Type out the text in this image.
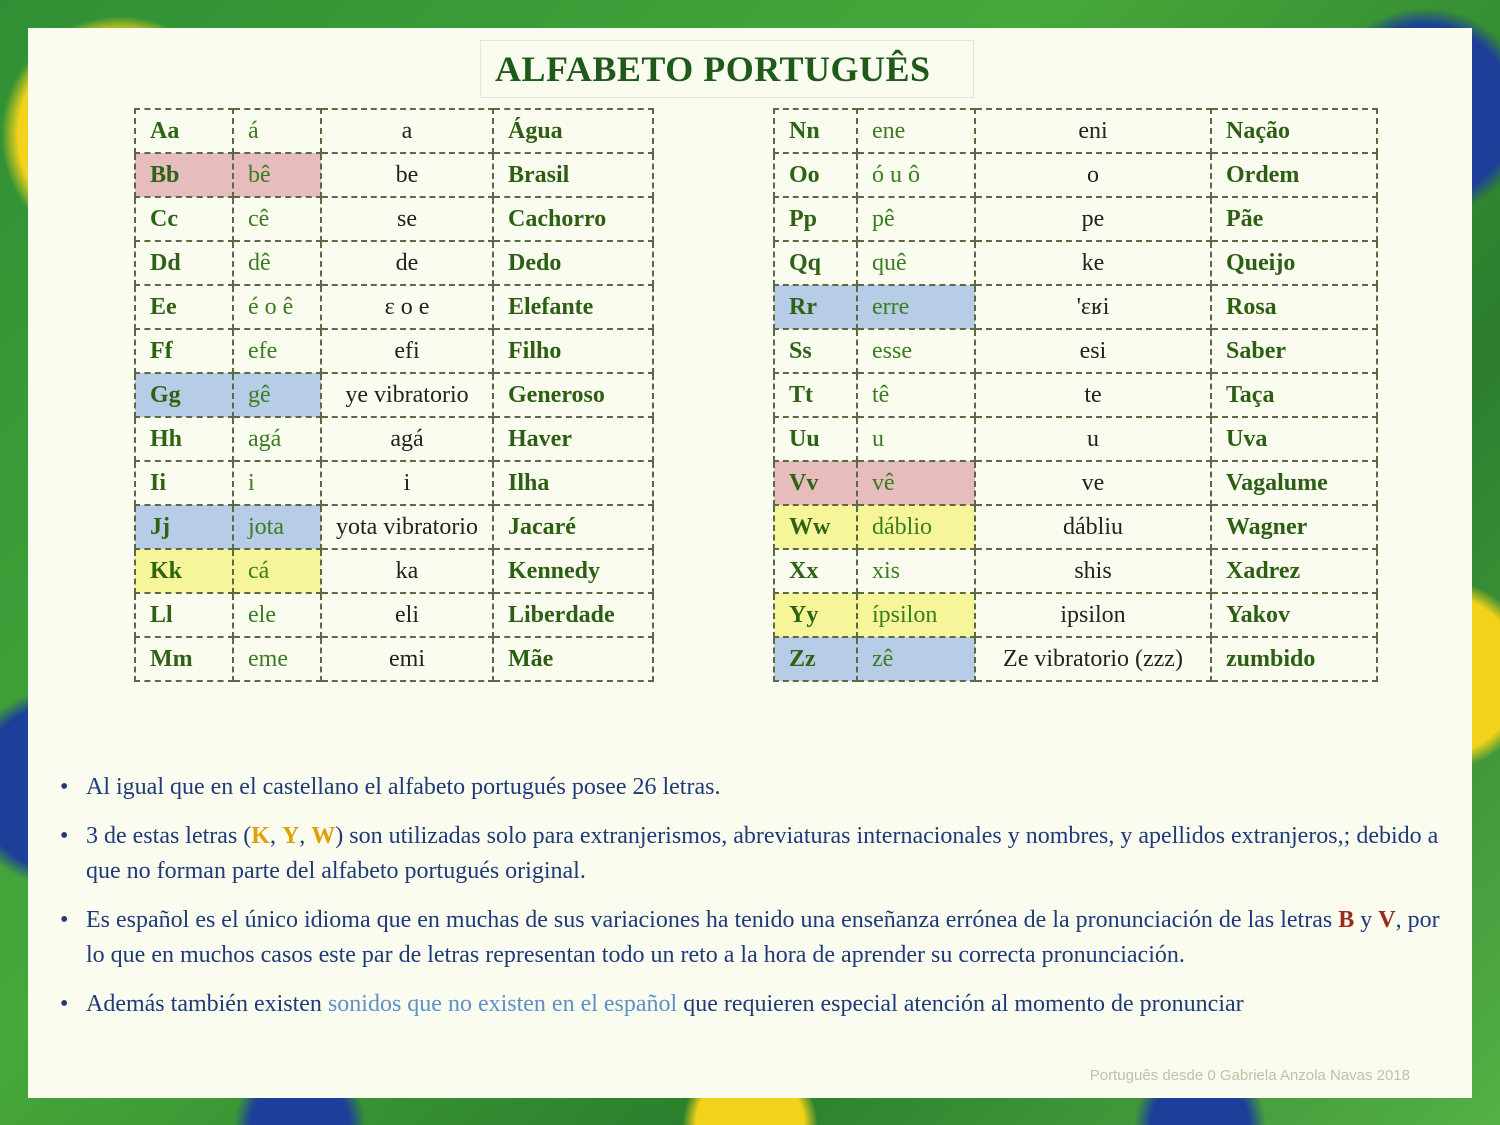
ALFABETO PORTUGUÊS
Aa	á	a	Água
Bb	bê	be	Brasil
Cc	cê	se	Cachorro
Dd	dê	de	Dedo
Ee	é o ê	ɛ o e	Elefante
Ff	efe	efi	Filho
Gg	gê	ye vibratorio	Generoso
Hh	agá	agá	Haver
Ii	i	i	Ilha
Jj	jota	yota vibratorio	Jacaré
Kk	cá	ka	Kennedy
Ll	ele	eli	Liberdade
Mm	eme	emi	Mãe
Nn	ene	eni	Nação
Oo	ó u ô	o	Ordem
Pp	pê	pe	Pãe
Qq	quê	ke	Queijo
Rr	erre	'ɛʁi	Rosa
Ss	esse	esi	Saber
Tt	tê	te	Taça
Uu	u	u	Uva
Vv	vê	ve	Vagalume
Ww	dáblio	dábliu	Wagner
Xx	xis	shis	Xadrez
Yy	ípsilon	ipsilon	Yakov
Zz	zê	Ze vibratorio (zzz)	zumbido
• Al igual que en el castellano el alfabeto portugués posee 26 letras.
• 3 de estas letras (K, Y, W) son utilizadas solo para extranjerismos, abreviaturas internacionales y nombres, y apellidos extranjeros,; debido a que no forman parte del alfabeto portugués original.
• Es español es el único idioma que en muchas de sus variaciones ha tenido una enseñanza errónea de la pronunciación de las letras B y V, por lo que en muchos casos este par de letras representan todo un reto a la hora de aprender su correcta pronunciación.
• Además también existen sonidos que no existen en el español que requieren especial atención al momento de pronunciar
Português desde 0 Gabriela Anzola Navas 2018
